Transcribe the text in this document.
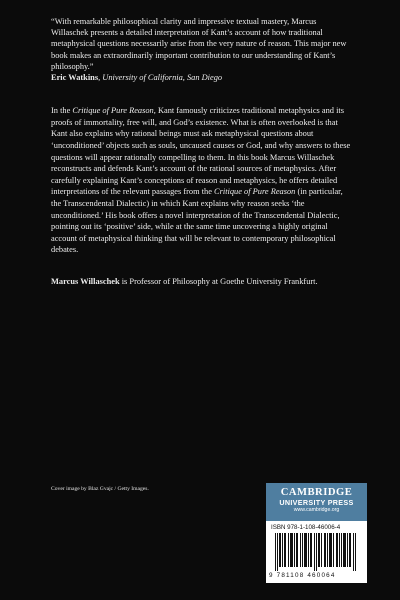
“With remarkable philosophical clarity and impressive textual mastery, Marcus Willaschek presents a detailed interpretation of Kant’s account of how traditional metaphysical questions necessarily arise from the very nature of reason. This major new book makes an extraordinarily important contribution to our understanding of Kant’s philosophy.”

Eric Watkins, University of California, San Diego

In the Critique of Pure Reason, Kant famously criticizes traditional metaphysics and its proofs of immortality, free will, and God’s existence. What is often overlooked is that Kant also explains why rational beings must ask metaphysical questions about ‘unconditioned’ objects such as souls, uncaused causes or God, and why answers to these questions will appear rationally compelling to them. In this book Marcus Willaschek reconstructs and defends Kant’s account of the rational sources of metaphysics. After carefully explaining Kant’s conceptions of reason and metaphysics, he offers detailed interpretations of the relevant passages from the Critique of Pure Reason (in particular, the Transcendental Dialectic) in which Kant explains why reason seeks ‘the unconditioned.’ His book offers a novel interpretation of the Transcendental Dialectic, pointing out its ‘positive’ side, while at the same time uncovering a highly original account of metaphysical thinking that will be relevant to contemporary philosophical debates.

Marcus Willaschek is Professor of Philosophy at Goethe University Frankfurt.

Cover image by Blaz Gvajc / Getty Images.	CAMBRIDGE
UNIVERSITY PRESS
www.cambridge.org
ISBN 978-1-108-46006-4
9 781108 460064
